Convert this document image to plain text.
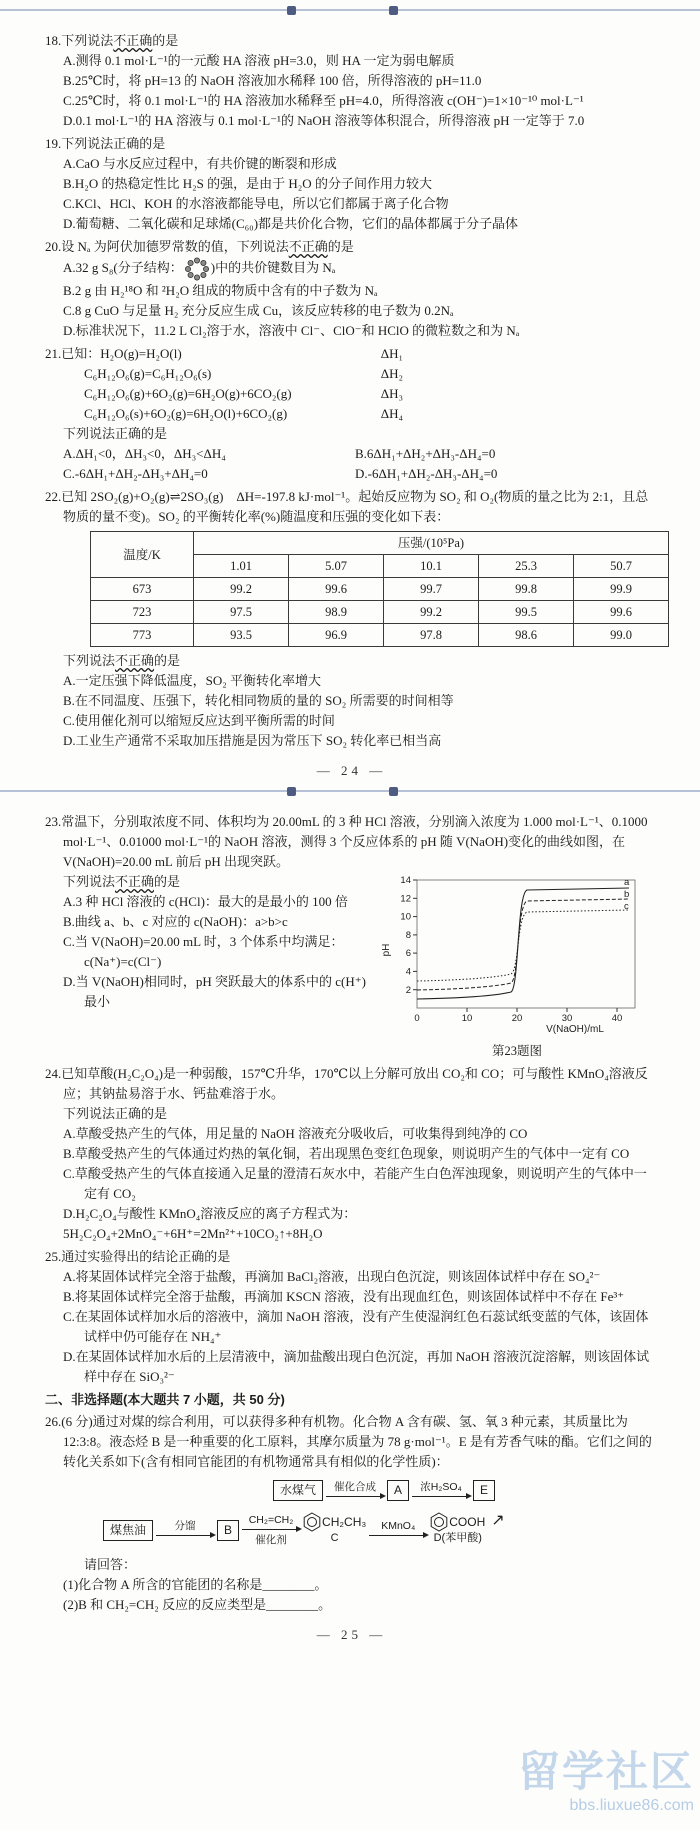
18.下列说法不正确的是

A.测得 0.1 mol·L⁻¹的一元酸 HA 溶液 pH=3.0，则 HA 一定为弱电解质

B.25℃时，将 pH=13 的 NaOH 溶液加水稀释 100 倍，所得溶液的 pH=11.0

C.25℃时，将 0.1 mol·L⁻¹的 HA 溶液加水稀释至 pH=4.0，所得溶液 c(OH⁻)=1×10⁻¹⁰ mol·L⁻¹

D.0.1 mol·L⁻¹的 HA 溶液与 0.1 mol·L⁻¹的 NaOH 溶液等体积混合，所得溶液 pH 一定等于 7.0

19.下列说法正确的是

A.CaO 与水反应过程中，有共价键的断裂和形成

B.H₂O 的热稳定性比 H₂S 的强，是由于 H₂O 的分子间作用力较大

C.KCl、HCl、KOH 的水溶液都能导电，所以它们都属于离子化合物

D.葡萄糖、二氧化碳和足球烯(C₆₀)都是共价化合物，它们的晶体都属于分子晶体

20.设 Nₐ 为阿伏加德罗常数的值，下列说法不正确的是

A.32 g S₈(分子结构： )中的共价键数目为 Nₐ

B.2 g 由 H₂¹⁸O 和 ²H₂O 组成的物质中含有的中子数为 Nₐ

C.8 g CuO 与足量 H₂ 充分反应生成 Cu，该反应转移的电子数为 0.2Nₐ

D.标准状况下，11.2 L Cl₂溶于水，溶液中 Cl⁻、ClO⁻和 HClO 的微粒数之和为 Nₐ

21.已知：H₂O(g)=H₂O(l)	ΔH₁
C₆H₁₂O₆(g)=C₆H₁₂O₆(s)	ΔH₂
C₆H₁₂O₆(g)+6O₂(g)=6H₂O(g)+6CO₂(g)	ΔH₃
C₆H₁₂O₆(s)+6O₂(g)=6H₂O(l)+6CO₂(g)	ΔH₄

下列说法正确的是

A.ΔH₁<0，ΔH₃<0，ΔH₃<ΔH₄	B.6ΔH₁+ΔH₂+ΔH₃-ΔH₄=0
C.-6ΔH₁+ΔH₂-ΔH₃+ΔH₄=0	D.-6ΔH₁+ΔH₂-ΔH₃-ΔH₄=0

22.已知 2SO₂(g)+O₂(g)⇌2SO₃(g)　ΔH=-197.8 kJ·mol⁻¹。起始反应物为 SO₂ 和 O₂(物质的量之比为 2:1，且总物质的量不变)。SO₂ 的平衡转化率(%)随温度和压强的变化如下表：

温度/K	压强/(10⁵Pa)				
	1.01	5.07	10.1	25.3	50.7
673	99.2	99.6	99.7	99.8	99.9
723	97.5	98.9	99.2	99.5	99.6
773	93.5	96.9	97.8	98.6	99.0

下列说法不正确的是

A.一定压强下降低温度，SO₂ 平衡转化率增大

B.在不同温度、压强下，转化相同物质的量的 SO₂ 所需要的时间相等

C.使用催化剂可以缩短反应达到平衡所需的时间

D.工业生产通常不采取加压措施是因为常压下 SO₂ 转化率已相当高

— 24 —

23.常温下，分别取浓度不同、体积均为 20.00mL 的 3 种 HCl 溶液，分别滴入浓度为 1.000 mol·L⁻¹、0.1000 mol·L⁻¹、0.01000 mol·L⁻¹的 NaOH 溶液，测得 3 个反应体系的 pH 随 V(NaOH)变化的曲线如图，在 V(NaOH)=20.00 mL 前后 pH 出现突跃。

2
4
6
8
10
12
14
0	10	20	30	40
pH
V(NaOH)/mL
a
b
c
第23题图

下列说法不正确的是

A.3 种 HCl 溶液的 c(HCl)：最大的是最小的 100 倍

B.曲线 a、b、c 对应的 c(NaOH)：a>b>c

C.当 V(NaOH)=20.00 mL 时，3 个体系中均满足：c(Na⁺)=c(Cl⁻)

D.当 V(NaOH)相同时，pH 突跃最大的体系中的 c(H⁺)最小

24.已知草酸(H₂C₂O₄)是一种弱酸，157℃升华，170℃以上分解可放出 CO₂和 CO；可与酸性 KMnO₄溶液反应；其钠盐易溶于水、钙盐难溶于水。

下列说法正确的是

A.草酸受热产生的气体，用足量的 NaOH 溶液充分吸收后，可收集得到纯净的 CO

B.草酸受热产生的气体通过灼热的氧化铜，若出现黑色变红色现象，则说明产生的气体中一定有 CO

C.草酸受热产生的气体直接通入足量的澄清石灰水中，若能产生白色浑浊现象，则说明产生的气体中一定有 CO₂

D.H₂C₂O₄与酸性 KMnO₄溶液反应的离子方程式为：
5H₂C₂O₄+2MnO₄⁻+6H⁺=2Mn²⁺+10CO₂↑+8H₂O

25.通过实验得出的结论正确的是

A.将某固体试样完全溶于盐酸，再滴加 BaCl₂溶液，出现白色沉淀，则该固体试样中存在 SO₄²⁻

B.将某固体试样完全溶于盐酸，再滴加 KSCN 溶液，没有出现血红色，则该固体试样中不存在 Fe³⁺

C.在某固体试样加水后的溶液中，滴加 NaOH 溶液，没有产生使湿润红色石蕊试纸变蓝的气体，该固体试样中仍可能存在 NH₄⁺

D.在某固体试样加水后的上层清液中，滴加盐酸出现白色沉淀，再加 NaOH 溶液沉淀溶解，则该固体试样中存在 SiO₃²⁻

二、非选择题(本大题共 7 小题，共 50 分)

26.(6 分)通过对煤的综合利用，可以获得多种有机物。化合物 A 含有碳、氢、氧 3 种元素，其质量比为 12:3:8。液态烃 B 是一种重要的化工原料，其摩尔质量为 78 g·mol⁻¹。E 是有芳香气味的酯。它们之间的转化关系如下(含有相同官能团的有机物通常具有相似的化学性质)：

水煤气	催化合成	A	浓H₂SO₄	E
煤焦油	分馏	B
CH₂=CH₂
催化剂
CH₂CH₃
C
KMnO₄	COOH
D(苯甲酸)
↗

请回答：

(1)化合物 A 所含的官能团的名称是________。

(2)B 和 CH₂=CH₂ 反应的反应类型是________。

— 25 —

留学社区
bbs.liuxue86.com
